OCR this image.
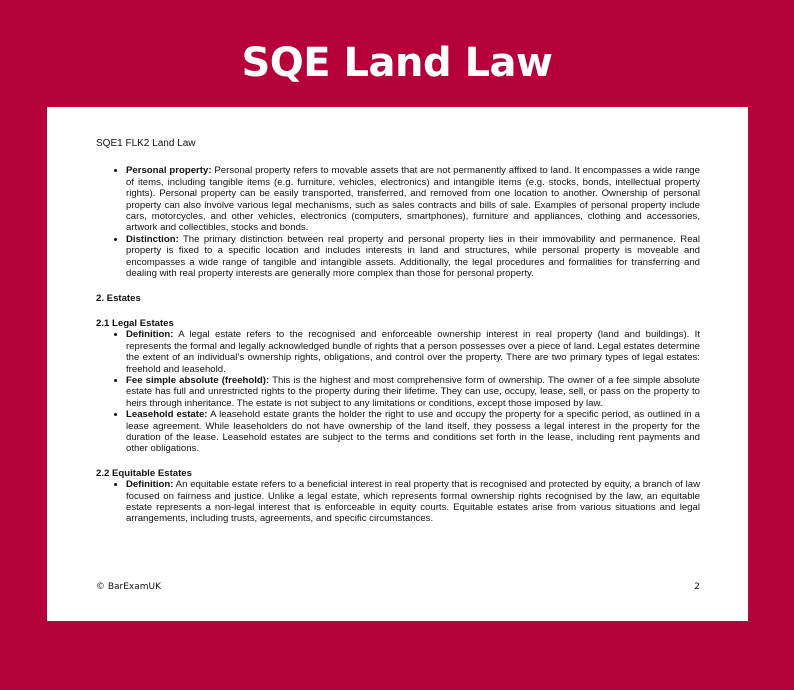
SQE Land Law
SQE1 FLK2 Land Law
• Personal property: Personal property refers to movable assets that are not permanently affixed to land. It encompasses a wide range of items, including tangible items (e.g. furniture, vehicles, electronics) and intangible items (e.g. stocks, bonds, intellectual property rights). Personal property can be easily transported, transferred, and removed from one location to another. Ownership of personal property can also involve various legal mechanisms, such as sales contracts and bills of sale. Examples of personal property include cars, motorcycles, and other vehicles, electronics (computers, smartphones), furniture and appliances, clothing and accessories, artwork and collectibles, stocks and bonds.
• Distinction: The primary distinction between real property and personal property lies in their immovability and permanence. Real property is fixed to a specific location and includes interests in land and structures, while personal property is moveable and encompasses a wide range of tangible and intangible assets. Additionally, the legal procedures and formalities for transferring and dealing with real property interests are generally more complex than those for personal property.
2. Estates
2.1 Legal Estates
• Definition: A legal estate refers to the recognised and enforceable ownership interest in real property (land and buildings). It represents the formal and legally acknowledged bundle of rights that a person possesses over a piece of land. Legal estates determine the extent of an individual’s ownership rights, obligations, and control over the property. There are two primary types of legal estates: freehold and leasehold.
• Fee simple absolute (freehold): This is the highest and most comprehensive form of ownership. The owner of a fee simple absolute estate has full and unrestricted rights to the property during their lifetime. They can use, occupy, lease, sell, or pass on the property to heirs through inheritance. The estate is not subject to any limitations or conditions, except those imposed by law.
• Leasehold estate: A leasehold estate grants the holder the right to use and occupy the property for a specific period, as outlined in a lease agreement. While leaseholders do not have ownership of the land itself, they possess a legal interest in the property for the duration of the lease. Leasehold estates are subject to the terms and conditions set forth in the lease, including rent payments and other obligations.
2.2 Equitable Estates
• Definition: An equitable estate refers to a beneficial interest in real property that is recognised and protected by equity, a branch of law focused on fairness and justice. Unlike a legal estate, which represents formal ownership rights recognised by the law, an equitable estate represents a non-legal interest that is enforceable in equity courts. Equitable estates arise from various situations and legal arrangements, including trusts, agreements, and specific circumstances.
© BarExamUK	2
